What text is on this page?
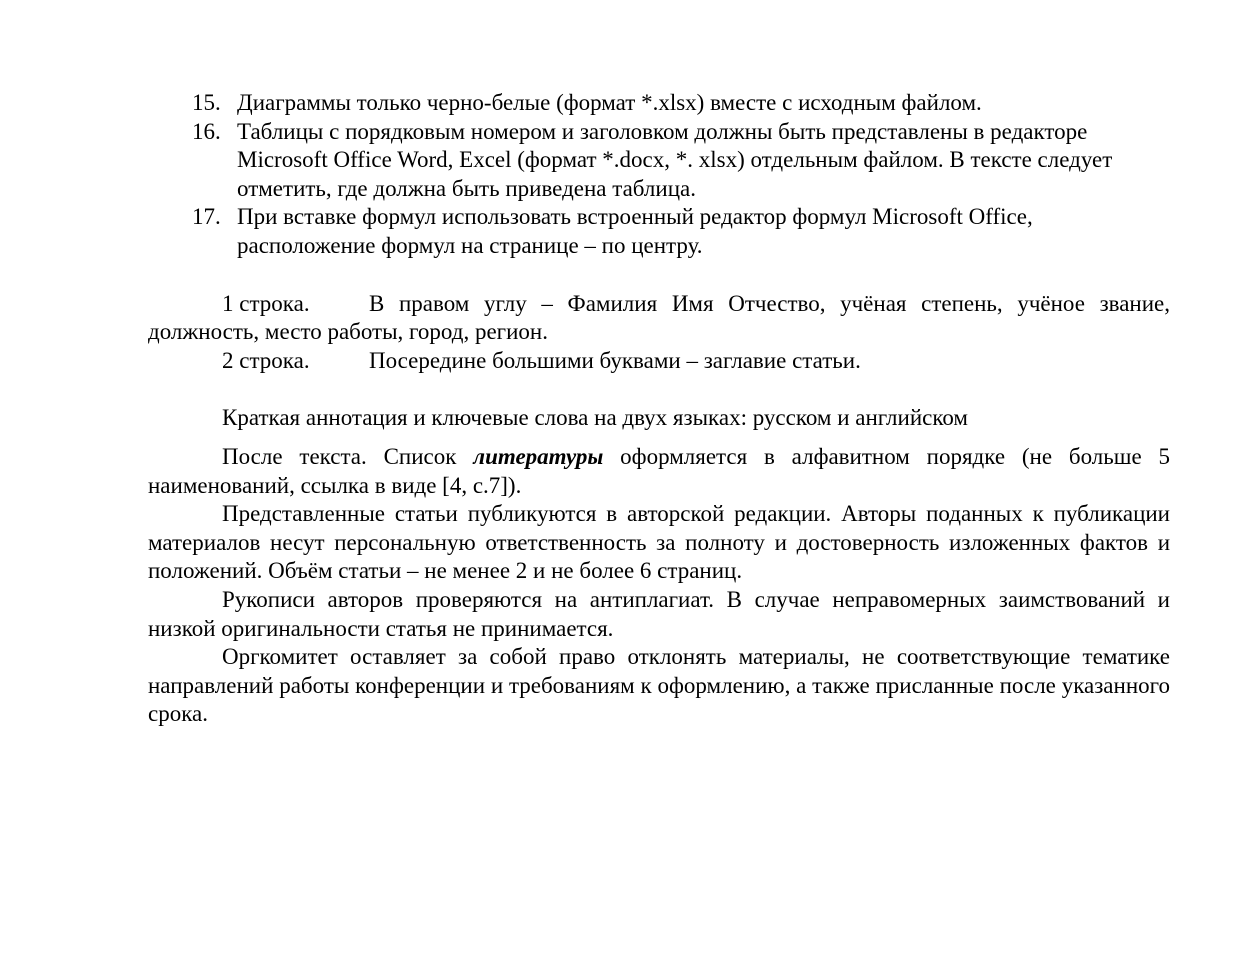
15. Диаграммы только черно-белые (формат *.xlsx) вместе с исходным файлом.
16. Таблицы с порядковым номером и заголовком должны быть представлены в редакторе Microsoft Office Word, Excel (формат *.docx, *. xlsx) отдельным файлом. В тексте следует отметить, где должна быть приведена таблица.
17. При вставке формул использовать встроенный редактор формул Microsoft Office, расположение формул на странице – по центру.
1 строка.	В правом углу – Фамилия Имя Отчество, учёная степень, учёное звание, должность, место работы, город, регион.
2 строка.	Посередине большими буквами – заглавие статьи.
Краткая аннотация и ключевые слова на двух языках: русском и английском
После текста. Список литературы оформляется в алфавитном порядке (не больше 5 наименований, ссылка в виде [4, с.7]).
Представленные статьи публикуются в авторской редакции. Авторы поданных к публикации материалов несут персональную ответственность за полноту и достоверность изложенных фактов и положений. Объём статьи – не менее 2 и не более 6 страниц.
Рукописи авторов проверяются на антиплагиат. В случае неправомерных заимствований и низкой оригинальности статья не принимается.
Оргкомитет оставляет за собой право отклонять материалы, не соответствующие тематике направлений работы конференции и требованиям к оформлению, а также присланные после указанного срока.
